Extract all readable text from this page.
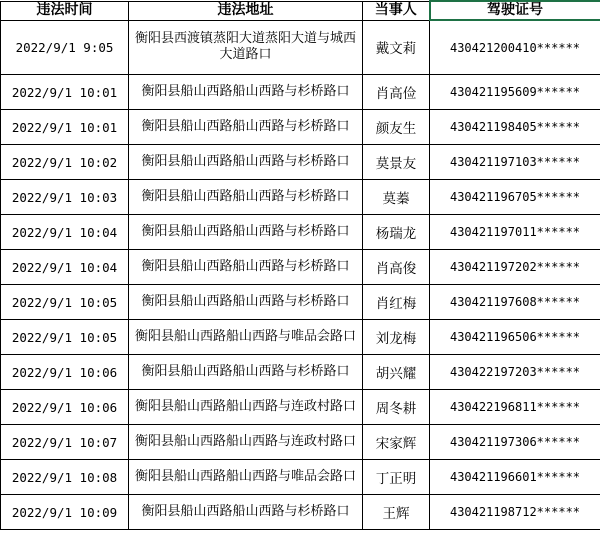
违法时间	违法地址	当事人	驾驶证号
2022/9/1 9:05	衡阳县西渡镇蒸阳大道蒸阳大道与城西大道路口	戴文莉	430421200410******
2022/9/1 10:01	衡阳县船山西路船山西路与杉桥路口	肖高俭	430421195609******
2022/9/1 10:01	衡阳县船山西路船山西路与杉桥路口	颜友生	430421198405******
2022/9/1 10:02	衡阳县船山西路船山西路与杉桥路口	莫景友	430421197103******
2022/9/1 10:03	衡阳县船山西路船山西路与杉桥路口	莫蓁	430421196705******
2022/9/1 10:04	衡阳县船山西路船山西路与杉桥路口	杨瑞龙	430421197011******
2022/9/1 10:04	衡阳县船山西路船山西路与杉桥路口	肖高俊	430421197202******
2022/9/1 10:05	衡阳县船山西路船山西路与杉桥路口	肖红梅	430421197608******
2022/9/1 10:05	衡阳县船山西路船山西路与唯品会路口	刘龙梅	430421196506******
2022/9/1 10:06	衡阳县船山西路船山西路与杉桥路口	胡兴耀	430422197203******
2022/9/1 10:06	衡阳县船山西路船山西路与连政村路口	周冬耕	430422196811******
2022/9/1 10:07	衡阳县船山西路船山西路与连政村路口	宋家辉	430421197306******
2022/9/1 10:08	衡阳县船山西路船山西路与唯品会路口	丁正明	430421196601******
2022/9/1 10:09	衡阳县船山西路船山西路与杉桥路口	王辉	430421198712******
